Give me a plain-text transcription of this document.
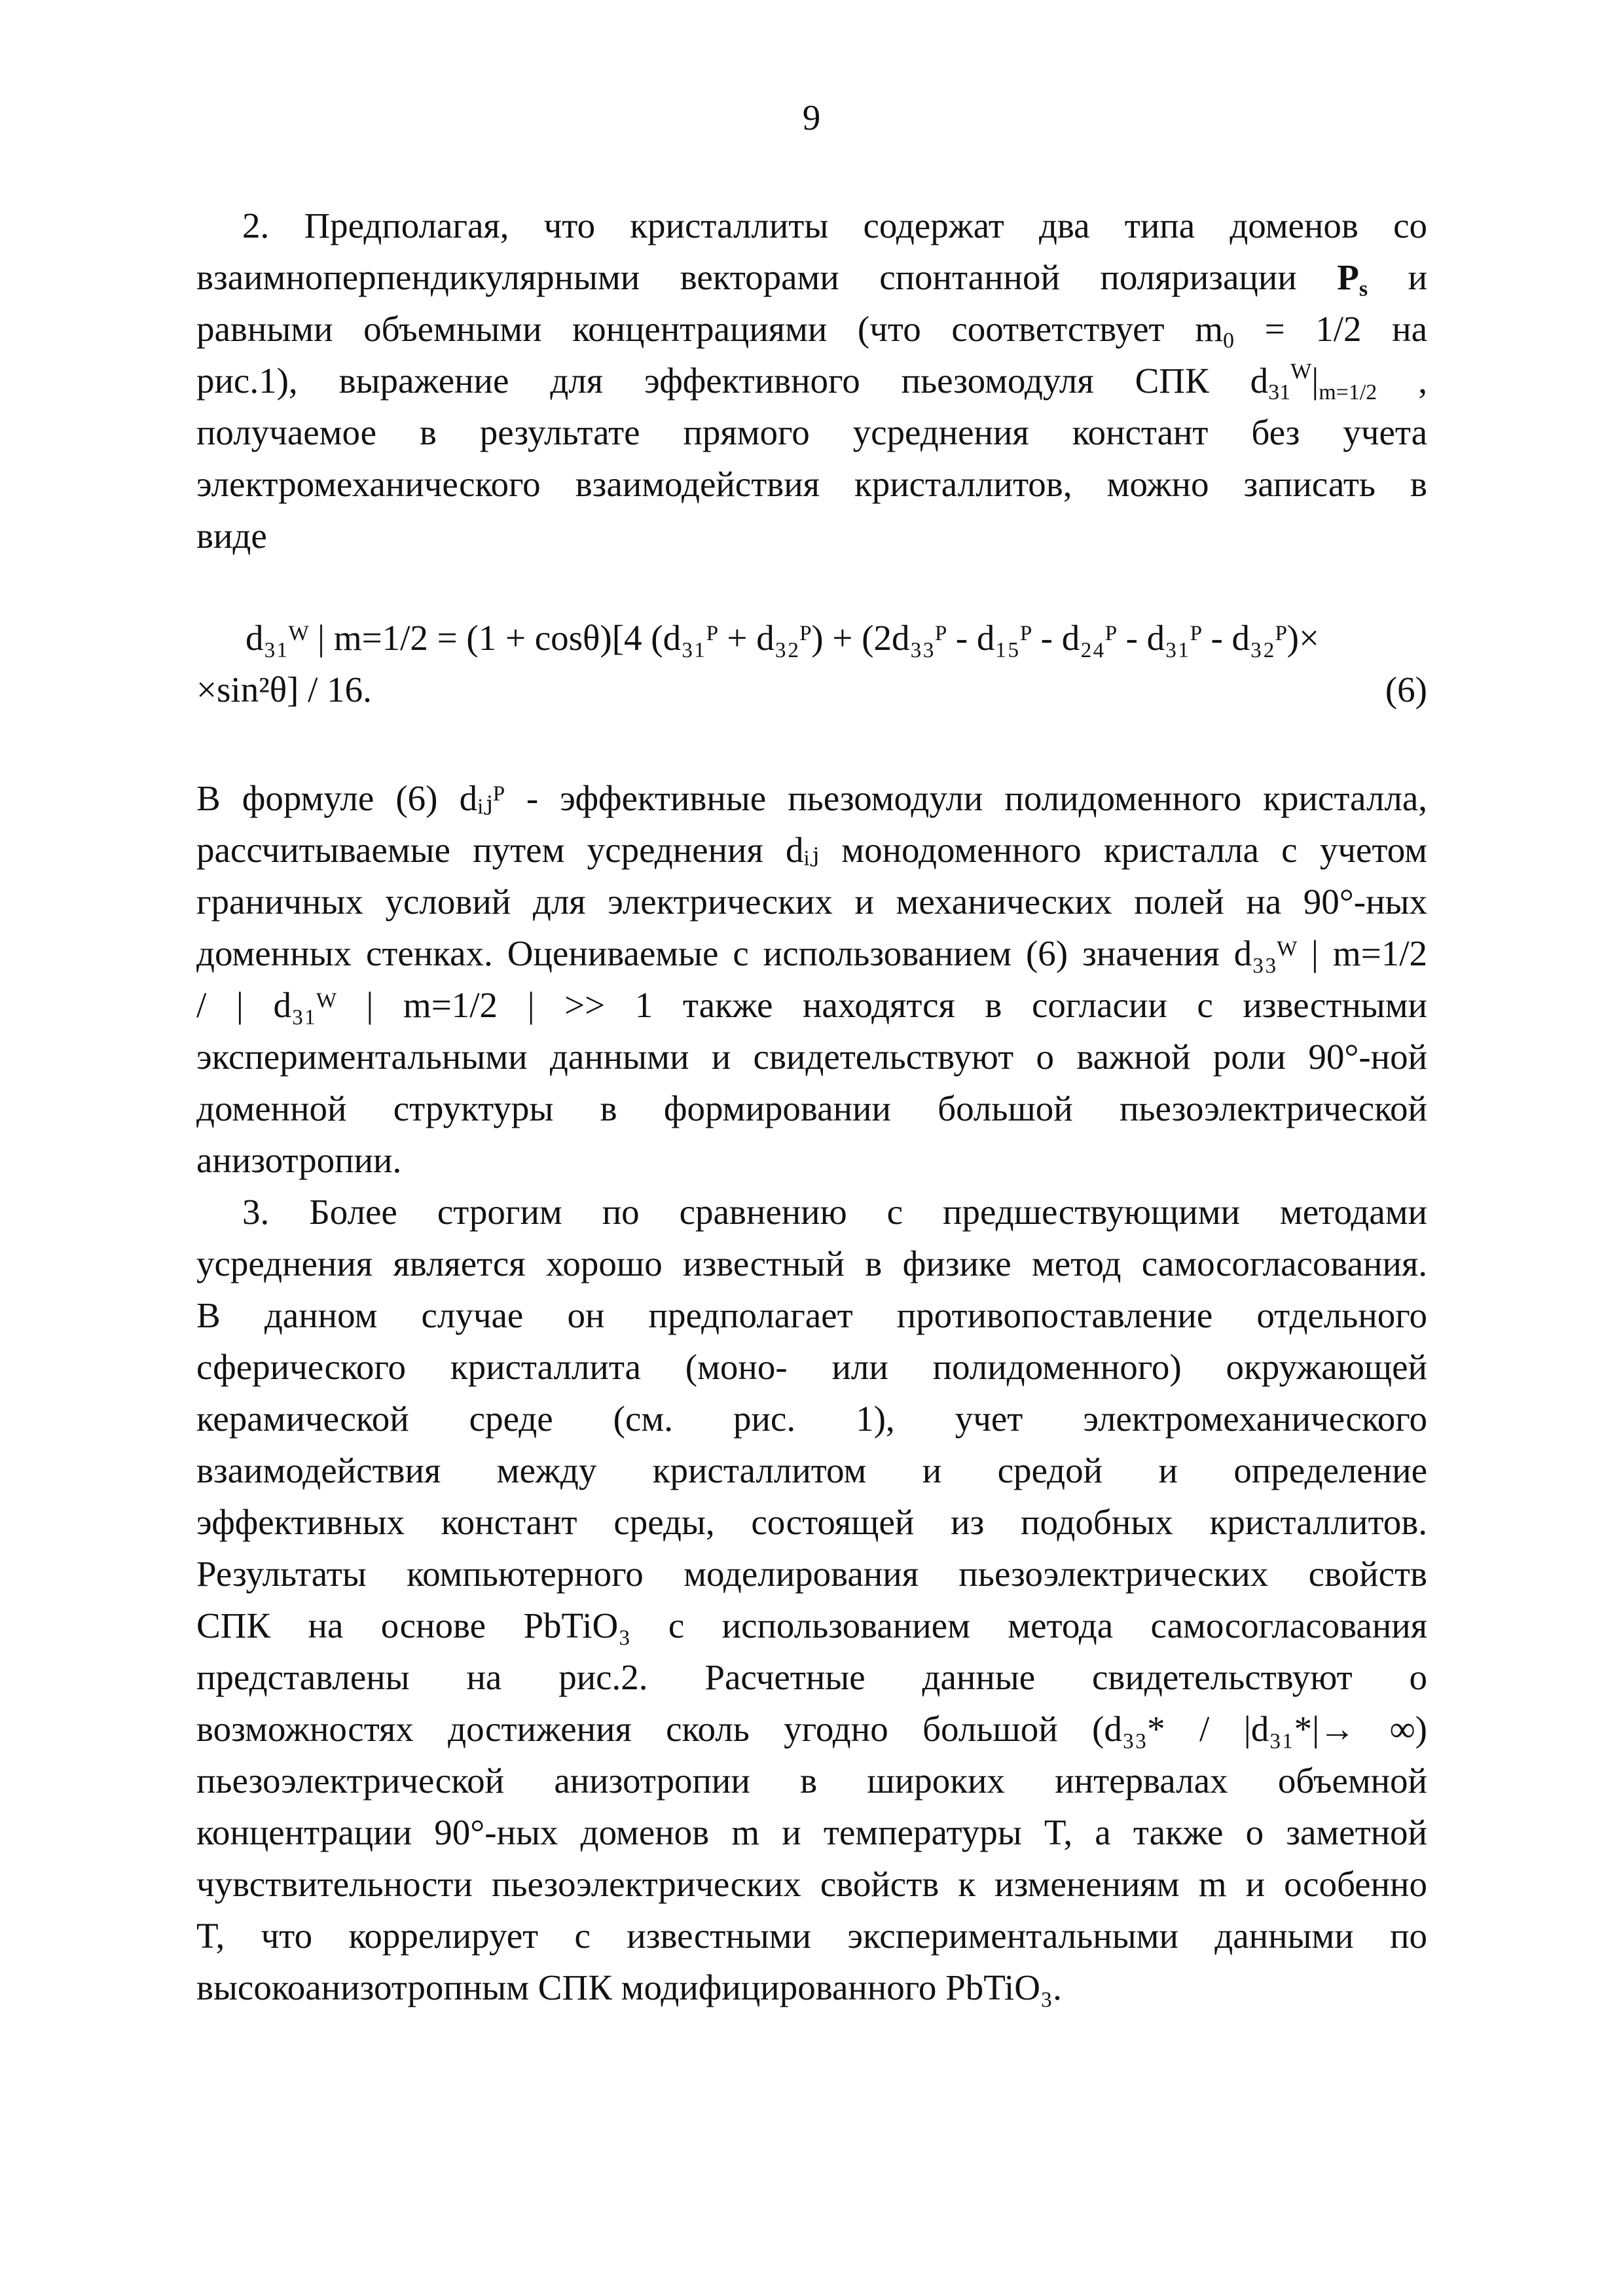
9

2. Предполагая, что кристаллиты содержат два типа доменов со

взаимноперпендикулярными векторами спонтанной поляризации $P_s$ и

равными объемными концентрациями (что соответствует $m_0 = 1/2$ на

рис.1), выражение для эффективного пьезомодуля СПК $d_{31}^W|_{m=1/2}$ ,

получаемое в результате прямого усреднения констант без учета

электромеханического взаимодействия кристаллитов, можно записать в

виде

d₃₁ᵂ | m=1/2 = (1 + cosθ)[4 (d₃₁ᴾ + d₃₂ᴾ) + (2d₃₃ᴾ - d₁₅ᴾ - d₂₄ᴾ - d₃₁ᴾ - d₃₂ᴾ)×

×sin²θ] / 16.	(6)

В формуле (6) dᵢⱼᴾ - эффективные пьезомодули полидоменного кристалла,

рассчитываемые путем усреднения dᵢⱼ монодоменного кристалла с учетом

граничных условий для электрических и механических полей на 90°-ных

доменных стенках. Оцениваемые с использованием (6) значения d₃₃ᵂ | m=1/2

/ | d₃₁ᵂ | m=1/2 | >> 1 также находятся в согласии с известными

экспериментальными данными и свидетельствуют о важной роли 90°-ной

доменной структуры в формировании большой пьезоэлектрической

анизотропии.

3. Более строгим по сравнению с предшествующими методами

усреднения является хорошо известный в физике метод самосогласования.

В данном случае он предполагает противопоставление отдельного

сферического кристаллита (моно- или полидоменного) окружающей

керамической среде (см. рис. 1), учет электромеханического

взаимодействия между кристаллитом и средой и определение

эффективных констант среды, состоящей из подобных кристаллитов.

Результаты компьютерного моделирования пьезоэлектрических свойств

СПК на основе PbTiO₃ с использованием метода самосогласования

представлены на рис.2. Расчетные данные свидетельствуют о

возможностях достижения сколь угодно большой (d₃₃* / |d₃₁*|→ ∞)

пьезоэлектрической анизотропии в широких интервалах объемной

концентрации 90°-ных доменов m и температуры T, а также о заметной

чувствительности пьезоэлектрических свойств к изменениям m и особенно

T, что коррелирует с известными экспериментальными данными по

высокоанизотропным СПК модифицированного PbTiO₃.
